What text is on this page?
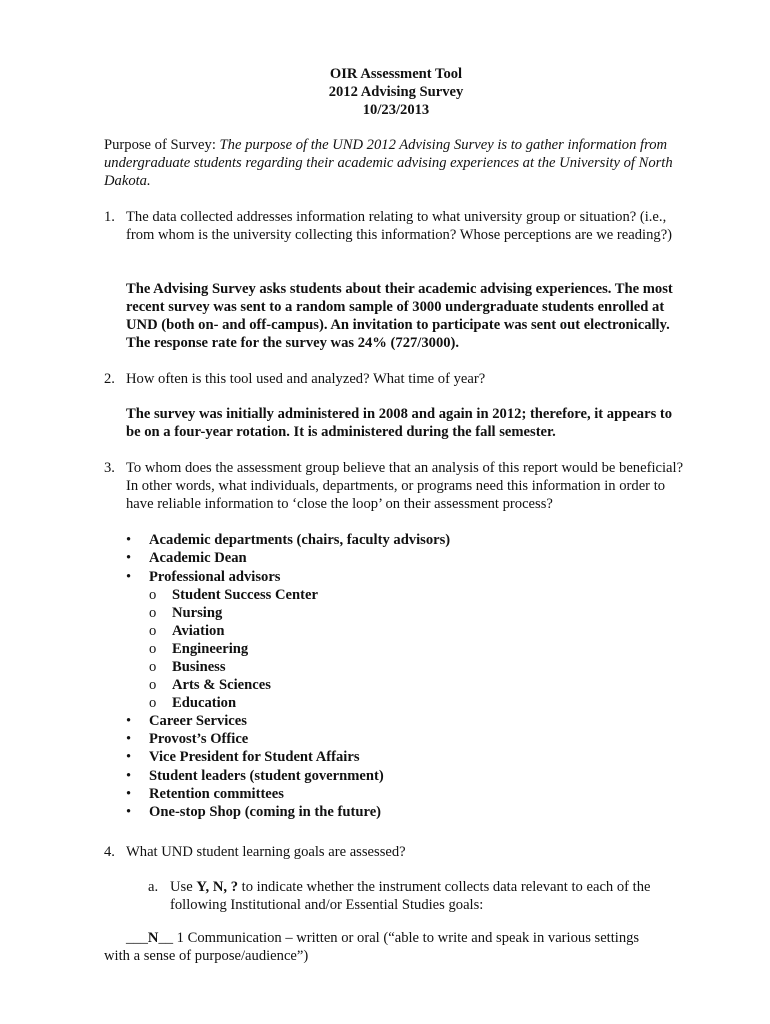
OIR Assessment Tool
2012 Advising Survey
10/23/2013
Purpose of Survey: The purpose of the UND 2012 Advising Survey is to gather information from undergraduate students regarding their academic advising experiences at the University of North Dakota.
1. The data collected addresses information relating to what university group or situation? (i.e., from whom is the university collecting this information? Whose perceptions are we reading?)
The Advising Survey asks students about their academic advising experiences. The most recent survey was sent to a random sample of 3000 undergraduate students enrolled at UND (both on- and off-campus). An invitation to participate was sent out electronically. The response rate for the survey was 24% (727/3000).
2. How often is this tool used and analyzed? What time of year?
The survey was initially administered in 2008 and again in 2012; therefore, it appears to be on a four-year rotation. It is administered during the fall semester.
3. To whom does the assessment group believe that an analysis of this report would be beneficial? In other words, what individuals, departments, or programs need this information in order to have reliable information to ‘close the loop’ on their assessment process?
• Academic departments (chairs, faculty advisors)
• Academic Dean
• Professional advisors
o Student Success Center
o Nursing
o Aviation
o Engineering
o Business
o Arts & Sciences
o Education
• Career Services
• Provost’s Office
• Vice President for Student Affairs
• Student leaders (student government)
• Retention committees
• One-stop Shop (coming in the future)
4. What UND student learning goals are assessed?
a. Use Y, N, ? to indicate whether the instrument collects data relevant to each of the following Institutional and/or Essential Studies goals:
___N__ 1 Communication – written or oral (“able to write and speak in various settings
with a sense of purpose/audience”)
